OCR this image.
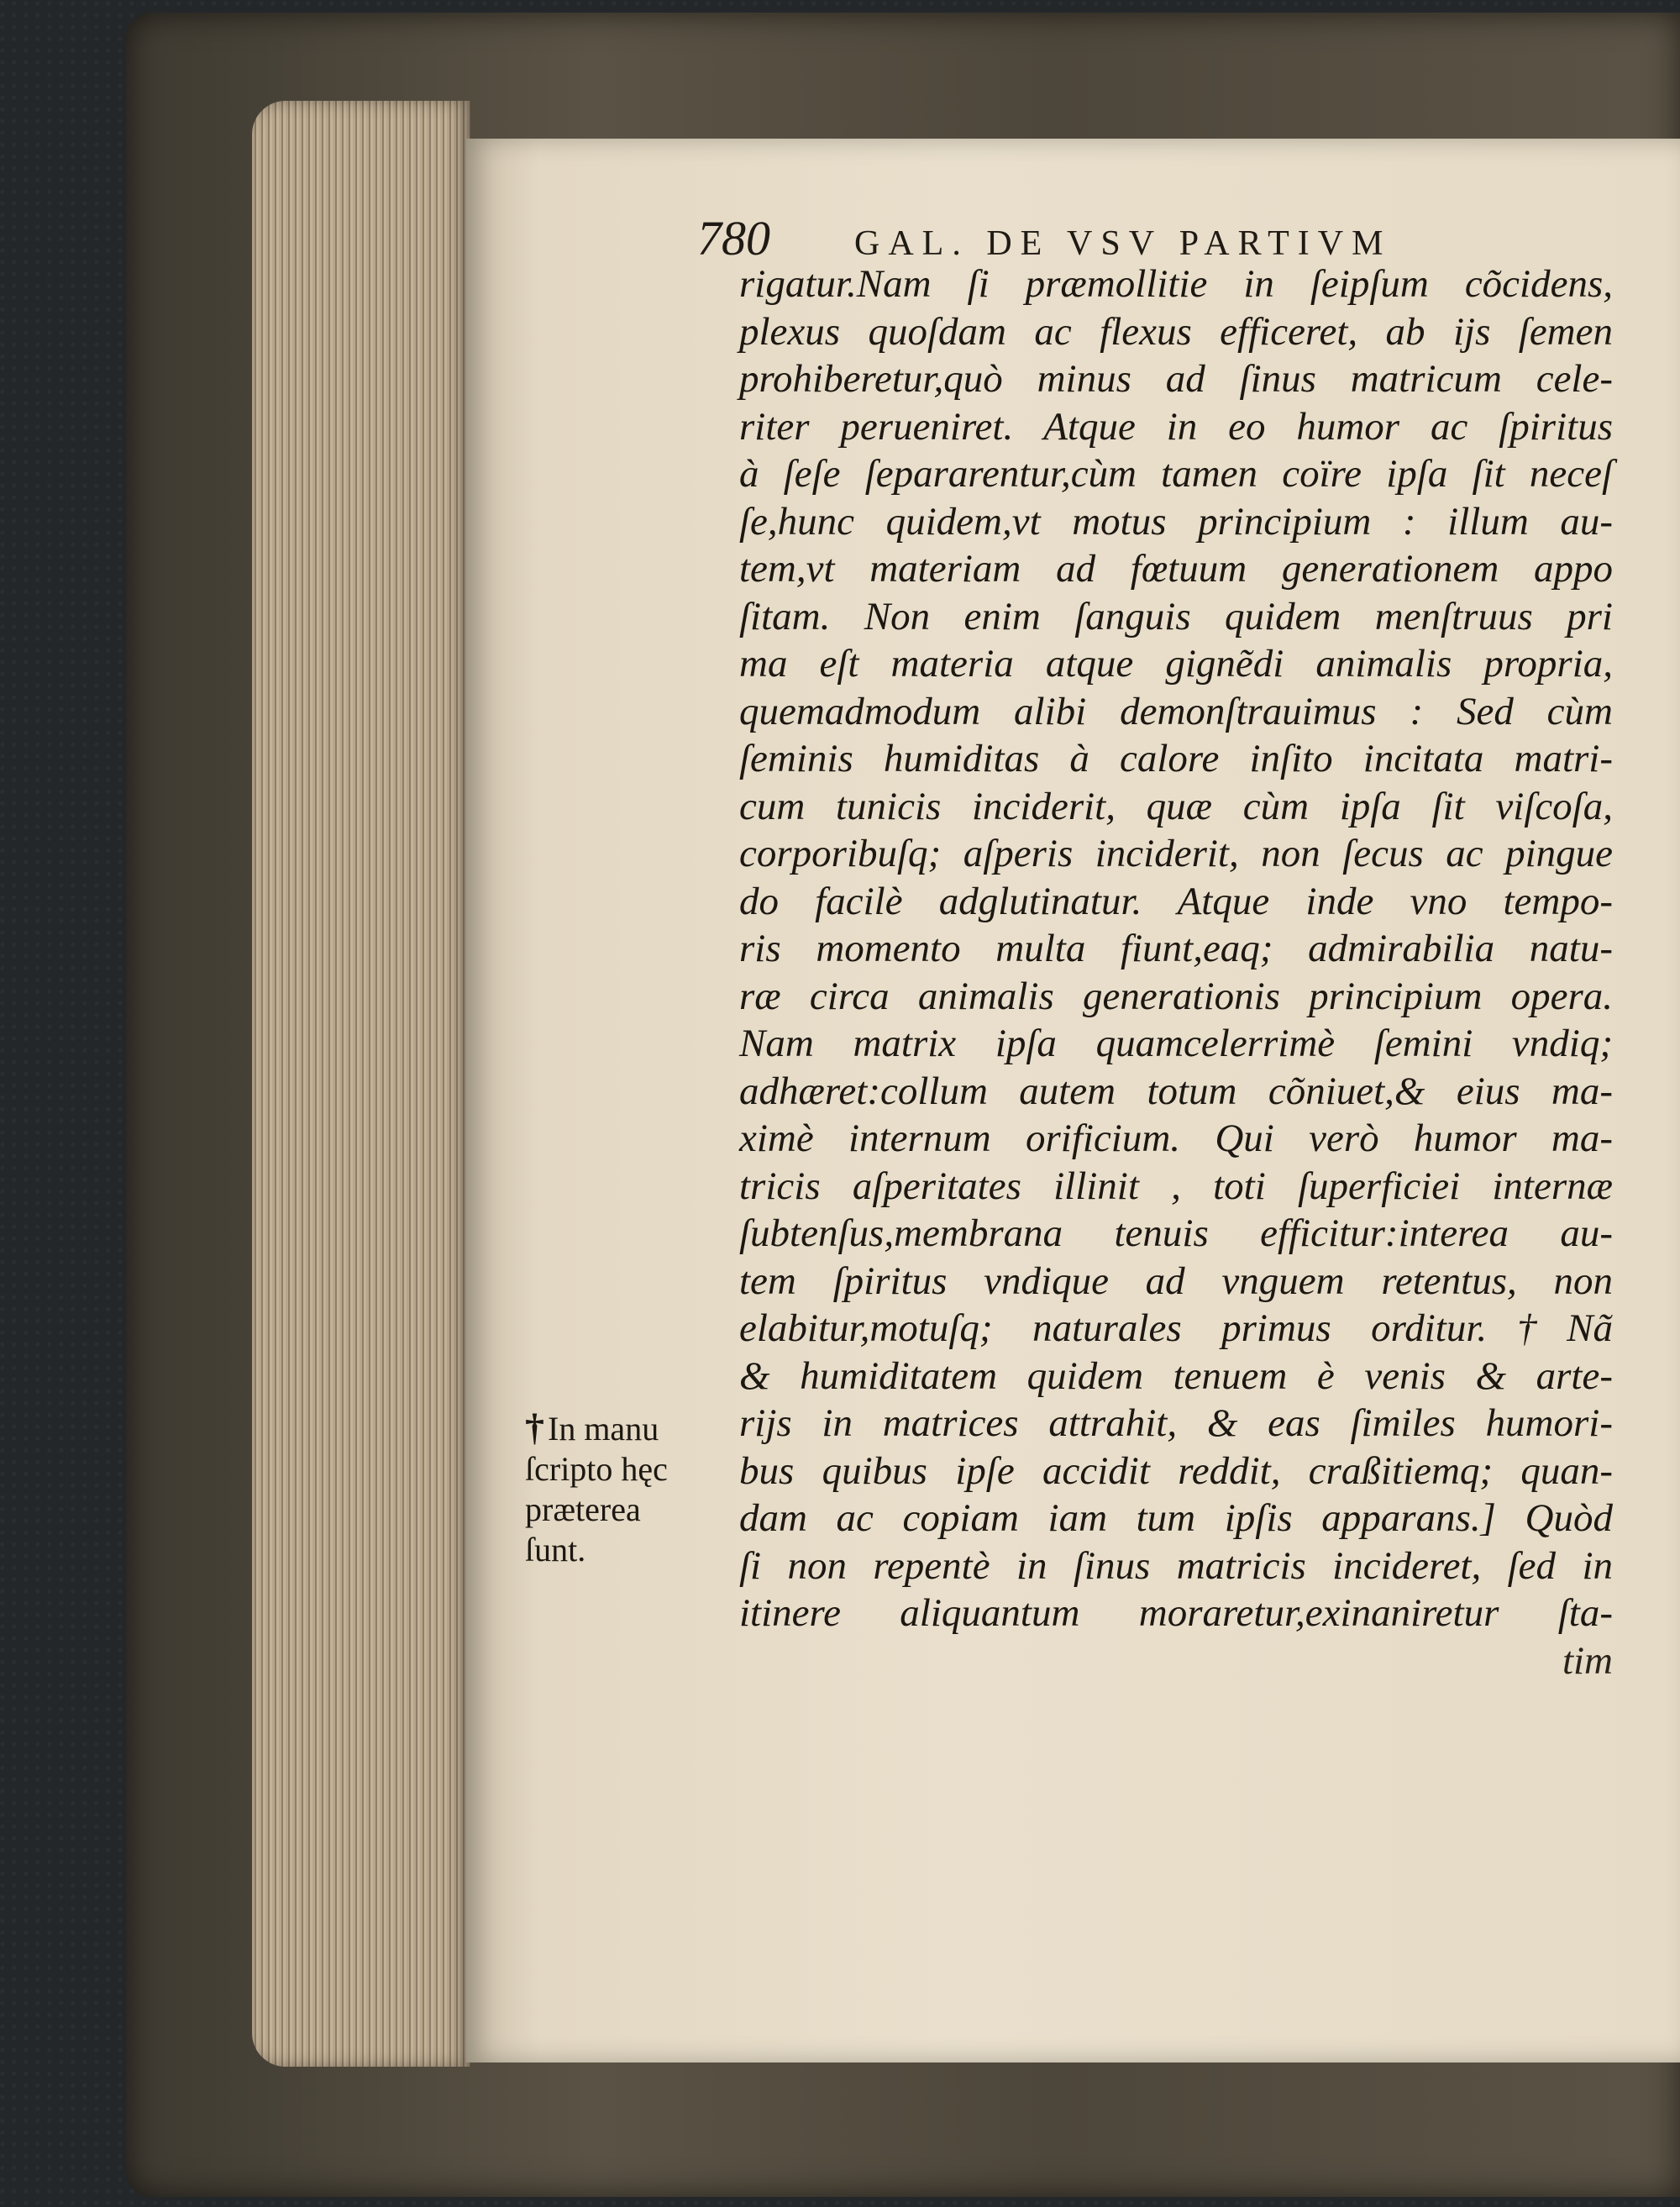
780 GAL. DE VSV PARTIVM
rigatur.Nam ſi præmollitie in ſeipſum cõcidens,
plexus quoſdam ac flexus efficeret, ab ijs ſemen
prohiberetur,quò minus ad ſinus matricum cele-
riter perueniret. Atque in eo humor ac ſpiritus
à ſeſe ſepararentur,cùm tamen coïre ipſa ſit neceſ
ſe,hunc quidem,vt motus principium : illum au-
tem,vt materiam ad fœtuum generationem appo
ſitam. Non enim ſanguis quidem menſtruus pri
ma eſt materia atque gignẽdi animalis propria,
quemadmodum alibi demonſtrauimus : Sed cùm
ſeminis humiditas à calore inſito incitata matri-
cum tunicis inciderit, quæ cùm ipſa ſit viſcoſa,
corporibuſq; aſperis inciderit, non ſecus ac pingue
do facilè adglutinatur. Atque inde vno tempo-
ris momento multa fiunt,eaq; admirabilia natu-
ræ circa animalis generationis principium opera.
Nam matrix ipſa quamcelerrimè ſemini vndiq;
adhæret:collum autem totum cõniuet,& eius ma-
ximè internum orificium. Qui verò humor ma-
tricis aſperitates illinit , toti ſuperficiei internæ
ſubtenſus,membrana tenuis efficitur:interea au-
tem ſpiritus vndique ad vnguem retentus, non
elabitur,motuſq; naturales primus orditur.†Nã
& humiditatem quidem tenuem è venis & arte-
rijs in matrices attrahit, & eas ſimiles humori-
bus quibus ipſe accidit reddit, craßitiemq; quan-
dam ac copiam iam tum ipſis apparans.] Quòd
ſi non repentè in ſinus matricis incideret, ſed in
itinere aliquantum moraretur,exinaniretur ſta-
tim
† In manu
ſcripto hęc
præterea
ſunt.
